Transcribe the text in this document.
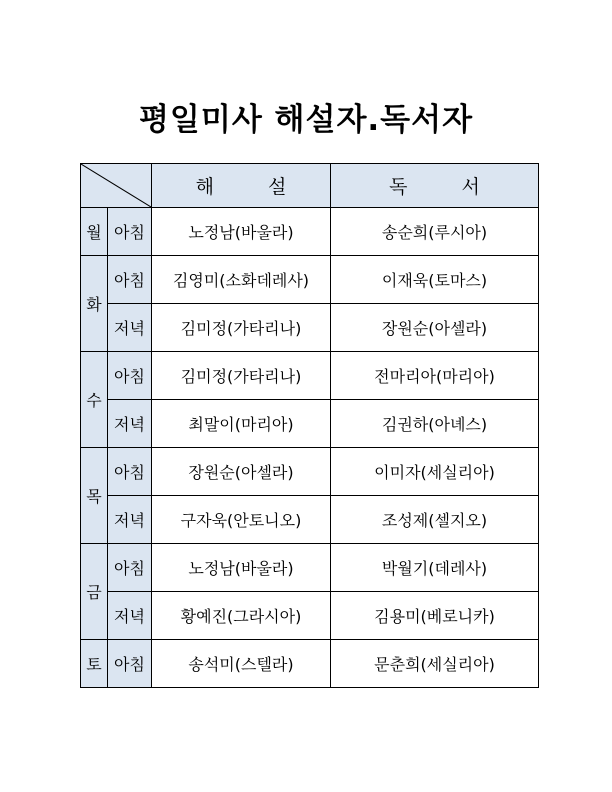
평일미사 해설자.독서자
	해 설	독 서
월	아침	노정남(바울라)	송순희(루시아)
화	아침	김영미(소화데레사)	이재욱(토마스)
	저녁	김미정(가타리나)	장원순(아셀라)
수	아침	김미정(가타리나)	전마리아(마리아)
	저녁	최말이(마리아)	김권하(아녜스)
목	아침	장원순(아셀라)	이미자(세실리아)
	저녁	구자욱(안토니오)	조성제(셀지오)
금	아침	노정남(바울라)	박월기(데레사)
	저녁	황예진(그라시아)	김용미(베로니카)
토	아침	송석미(스텔라)	문춘희(세실리아)
